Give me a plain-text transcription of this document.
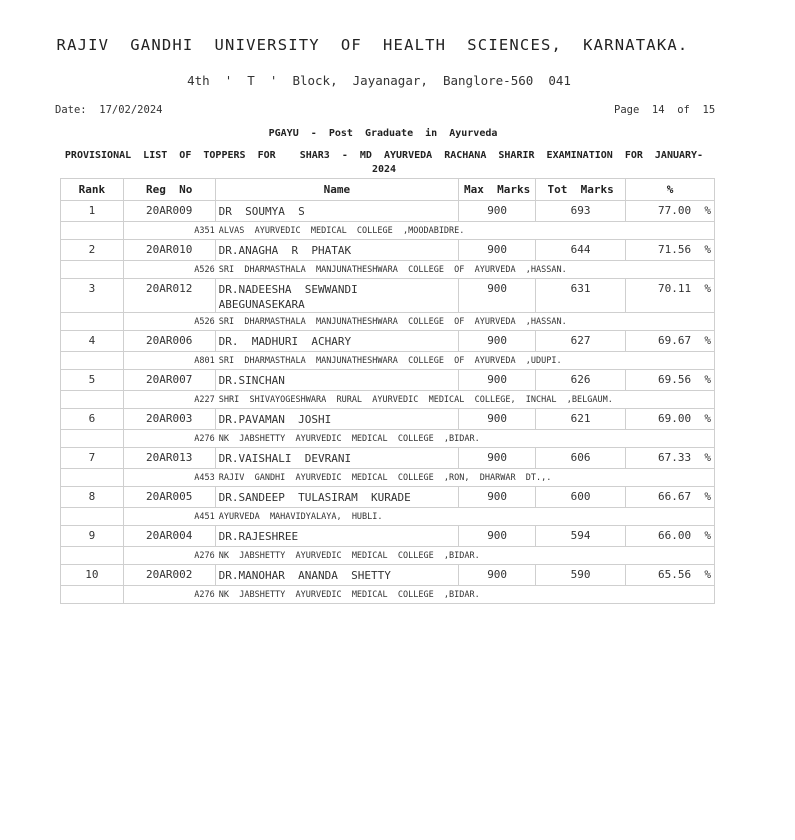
RAJIV  GANDHI  UNIVERSITY  OF  HEALTH  SCIENCES,  KARNATAKA.
4th  '  T  '  Block,  Jayanagar,  Banglore-560  041
Date:  17/02/2024	Page  14  of  15
PGAYU  -  Post  Graduate  in  Ayurveda
PROVISIONAL  LIST  OF  TOPPERS  FOR    SHAR3  -  MD  AYURVEDA  RACHANA  SHARIR  EXAMINATION  FOR  JANUARY-2024
Rank	Reg  No	Name	Max  Marks	Tot  Marks	%
1	20AR009	DR  SOUMYA  S	900	693	77.00  %
	A351 ALVAS  AYURVEDIC  MEDICAL  COLLEGE  ,MOODABIDRE.				
2	20AR010	DR.ANAGHA  R  PHATAK	900	644	71.56  %
	A526 SRI  DHARMASTHALA  MANJUNATHESHWARA  COLLEGE  OF  AYURVEDA  ,HASSAN.				
3	20AR012	DR.NADEESHA  SEWWANDI  ABEGUNASEKARA	900	631	70.11  %
	A526 SRI  DHARMASTHALA  MANJUNATHESHWARA  COLLEGE  OF  AYURVEDA  ,HASSAN.				
4	20AR006	DR.  MADHURI  ACHARY	900	627	69.67  %
	A801 SRI  DHARMASTHALA  MANJUNATHESHWARA  COLLEGE  OF  AYURVEDA  ,UDUPI.				
5	20AR007	DR.SINCHAN	900	626	69.56  %
	A227 SHRI  SHIVAYOGESHWARA  RURAL  AYURVEDIC  MEDICAL  COLLEGE,  INCHAL  ,BELGAUM.				
6	20AR003	DR.PAVAMAN  JOSHI	900	621	69.00  %
	A276 NK  JABSHETTY  AYURVEDIC  MEDICAL  COLLEGE  ,BIDAR.				
7	20AR013	DR.VAISHALI  DEVRANI	900	606	67.33  %
	A453 RAJIV  GANDHI  AYURVEDIC  MEDICAL  COLLEGE  ,RON,  DHARWAR  DT.,.				
8	20AR005	DR.SANDEEP  TULASIRAM  KURADE	900	600	66.67  %
	A451 AYURVEDA  MAHAVIDYALAYA,  HUBLI.				
9	20AR004	DR.RAJESHREE	900	594	66.00  %
	A276 NK  JABSHETTY  AYURVEDIC  MEDICAL  COLLEGE  ,BIDAR.				
10	20AR002	DR.MANOHAR  ANANDA  SHETTY	900	590	65.56  %
	A276 NK  JABSHETTY  AYURVEDIC  MEDICAL  COLLEGE  ,BIDAR.				
